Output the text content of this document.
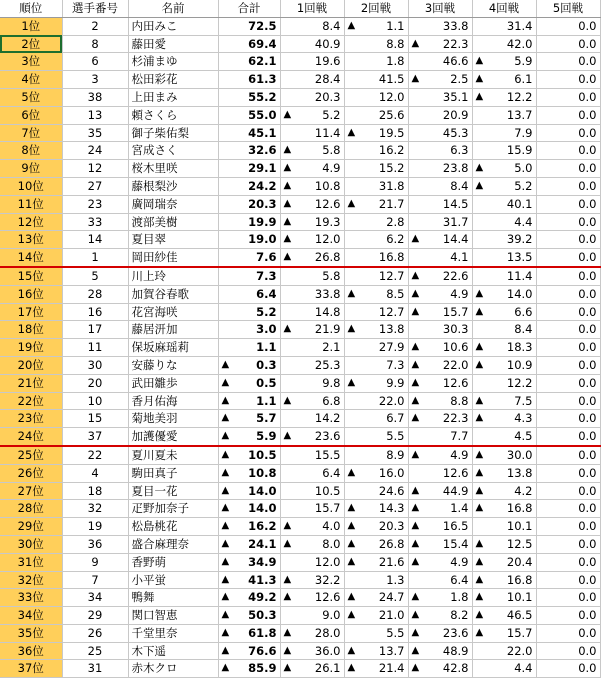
順位	選手番号	名前	合計	1回戦	2回戦	3回戦	4回戦	5回戦
1位	2	内田みこ	72.5	8.4	▲ 1.1	33.8	31.4	0.0
2位	8	藤田愛	69.4	40.9	8.8	▲ 22.3	42.0	0.0
3位	6	杉浦まゆ	62.1	19.6	1.8	46.6	▲ 5.9	0.0
4位	3	松田彩花	61.3	28.4	41.5	▲ 2.5	▲ 6.1	0.0
5位	38	上田まみ	55.2	20.3	12.0	35.1	▲ 12.2	0.0
6位	13	頼さくら	55.0	▲ 5.2	25.6	20.9	13.7	0.0
7位	35	御子柴佑梨	45.1	11.4	▲ 19.5	45.3	7.9	0.0
8位	24	宮成さく	32.6	▲ 5.8	16.2	6.3	15.9	0.0
9位	12	桜木里咲	29.1	▲ 4.9	15.2	23.8	▲ 5.0	0.0
10位	27	藤根梨沙	24.2	▲ 10.8	31.8	8.4	▲ 5.2	0.0
11位	23	廣岡瑞奈	20.3	▲ 12.6	▲ 21.7	14.5	40.1	0.0
12位	33	渡部美樹	19.9	▲ 19.3	2.8	31.7	4.4	0.0
13位	14	夏目翠	19.0	▲ 12.0	6.2	▲ 14.4	39.2	0.0
14位	1	岡田紗佳	7.6	▲ 26.8	16.8	4.1	13.5	0.0
15位	5	川上玲	7.3	5.8	12.7	▲ 22.6	11.4	0.0
16位	28	加賀谷春歌	6.4	33.8	▲ 8.5	▲ 4.9	▲ 14.0	0.0
17位	16	花宮海咲	5.2	14.8	12.7	▲ 15.7	▲ 6.6	0.0
18位	17	藤居汧加	3.0	▲ 21.9	▲ 13.8	30.3	8.4	0.0
19位	11	保坂麻瑶莉	1.1	2.1	27.9	▲ 10.6	▲ 18.3	0.0
20位	30	安藤りな	▲ 0.3	25.3	7.3	▲ 22.0	▲ 10.9	0.0
21位	20	武田雛歩	▲ 0.5	9.8	▲ 9.9	▲ 12.6	12.2	0.0
22位	10	香月佑海	▲ 1.1	▲ 6.8	22.0	▲ 8.8	▲ 7.5	0.0
23位	15	菊地美羽	▲ 5.7	14.2	6.7	▲ 22.3	▲ 4.3	0.0
24位	37	加護優愛	▲ 5.9	▲ 23.6	5.5	7.7	4.5	0.0
25位	22	夏川夏未	▲ 10.5	15.5	8.9	▲ 4.9	▲ 30.0	0.0
26位	4	駒田真子	▲ 10.8	6.4	▲ 16.0	12.6	▲ 13.8	0.0
27位	18	夏目一花	▲ 14.0	10.5	24.6	▲ 44.9	▲ 4.2	0.0
28位	32	疋野加奈子	▲ 14.0	15.7	▲ 14.3	▲ 1.4	▲ 16.8	0.0
29位	19	松島桃花	▲ 16.2	▲ 4.0	▲ 20.3	▲ 16.5	10.1	0.0
30位	36	盛合麻理奈	▲ 24.1	▲ 8.0	▲ 26.8	▲ 15.4	▲ 12.5	0.0
31位	9	香野萌	▲ 34.9	12.0	▲ 21.6	▲ 4.9	▲ 20.4	0.0
32位	7	小平蛍	▲ 41.3	▲ 32.2	1.3	6.4	▲ 16.8	0.0
33位	34	鴨舞	▲ 49.2	▲ 12.6	▲ 24.7	▲ 1.8	▲ 10.1	0.0
34位	29	関口智恵	▲ 50.3	9.0	▲ 21.0	▲ 8.2	▲ 46.5	0.0
35位	26	千堂里奈	▲ 61.8	▲ 28.0	5.5	▲ 23.6	▲ 15.7	0.0
36位	25	木下遥	▲ 76.6	▲ 36.0	▲ 13.7	▲ 48.9	22.0	0.0
37位	31	赤木クロ	▲ 85.9	▲ 26.1	▲ 21.4	▲ 42.8	4.4	0.0
